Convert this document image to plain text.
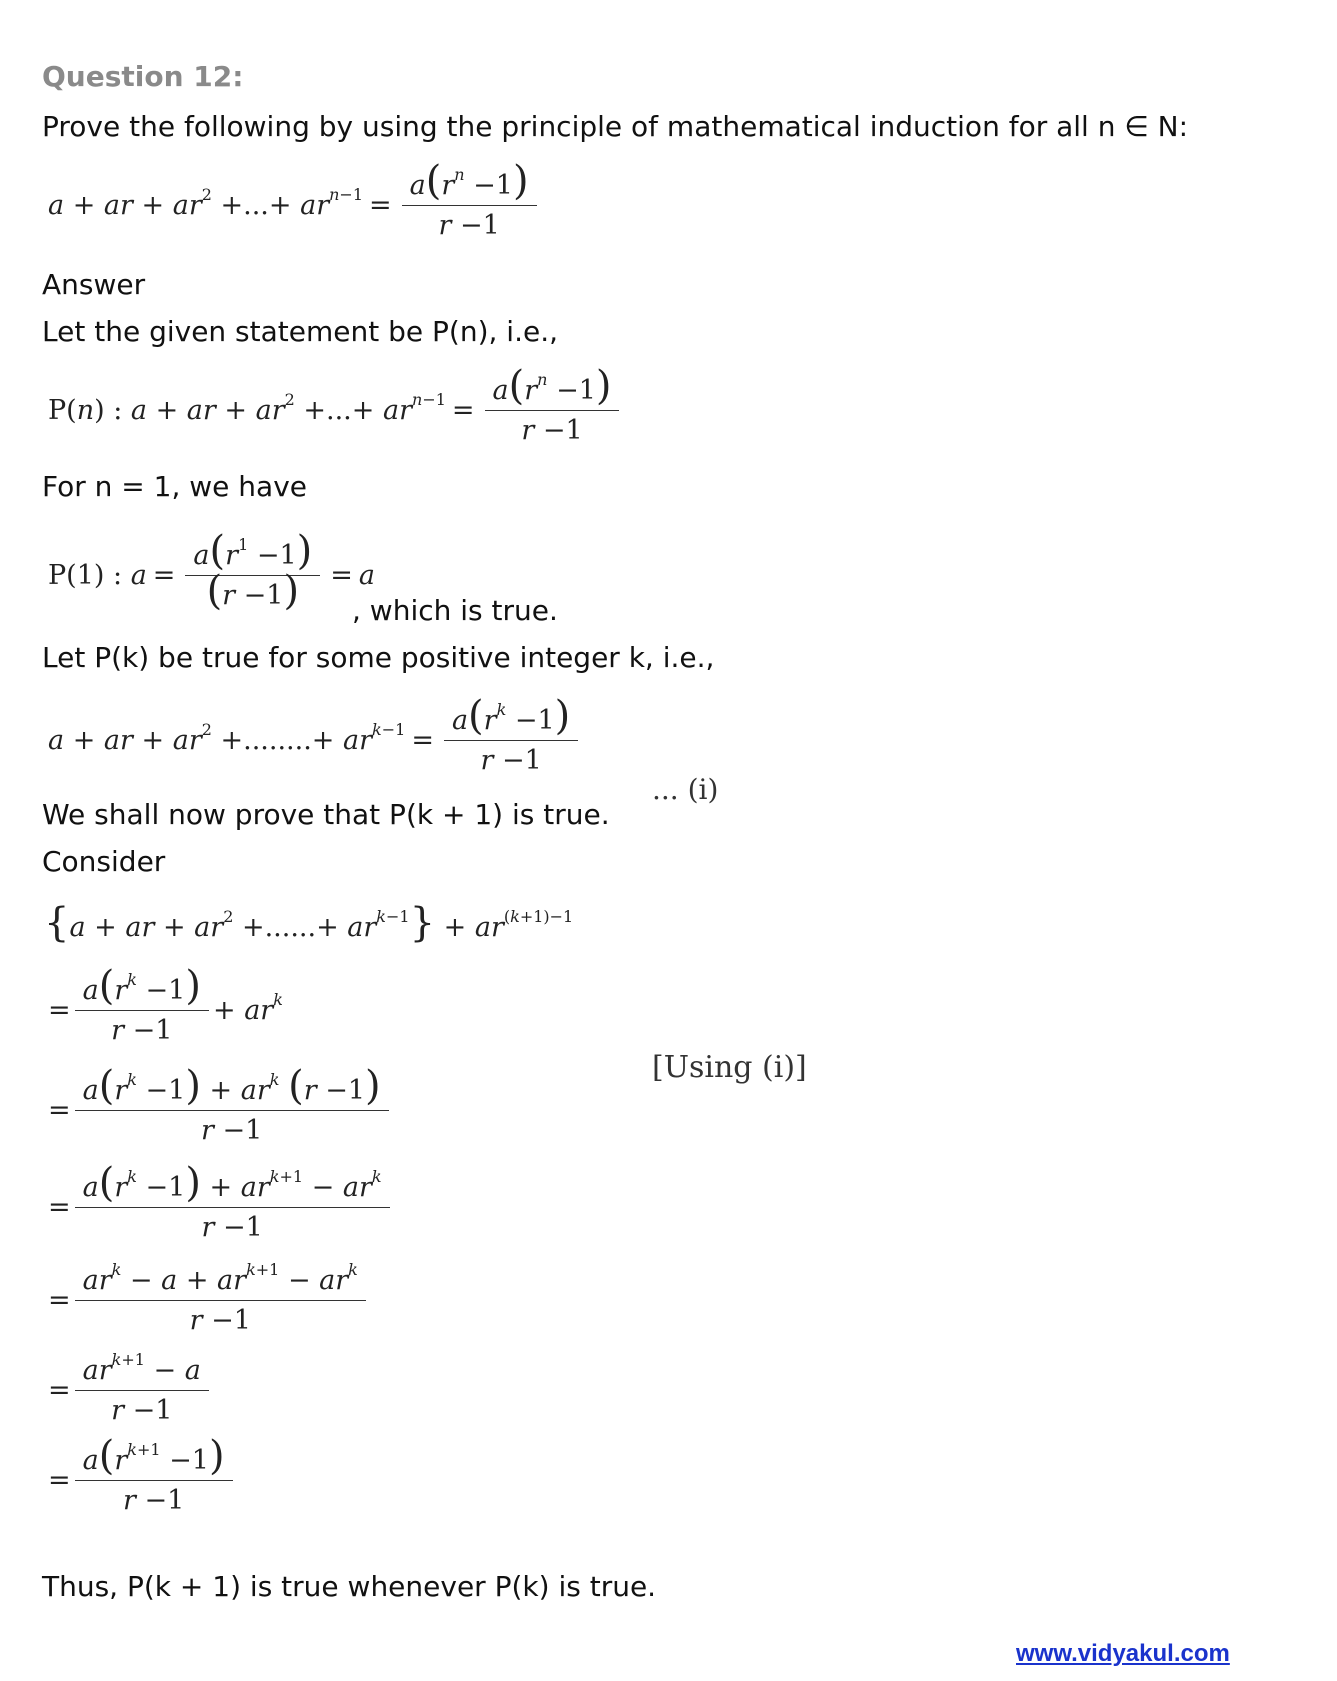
Question 12:
Prove the following by using the principle of mathematical induction for all n ∈ N:
a + ar + $ar^2$ +...+ $ar^{n-1} = \frac{a(r^n -1)}{r -1}$
Answer
Let the given statement be P(n), i.e.,
P(n) : a + ar + $ar^2$ +...+ $ar^{n-1} = \frac{a(r^n -1)}{r -1}$
For n = 1, we have
P(1) : $a = \frac{a(r^1 -1)}{(r -1)} = a$
, which is true.
Let P(k) be true for some positive integer k, i.e.,
a + ar + $ar^2$ +........+ $ar^{k-1} = \frac{a(r^k -1)}{r -1}$
... (i)
We shall now prove that P(k + 1) is true.
Consider
{a + ar + $ar^2$ +......+ $ar^{k-1}\} + ar^{(k+1)-1}$
= $\frac{a(r^k -1)}{r -1} + ar^k$
[Using (i)]
= $\frac{a(r^k -1) + ar^k (r -1)}{r -1}$
= $\frac{a(r^k -1) + ar^{k+1} - ar^k}{r -1}$
= $\frac{ar^k - a + ar^{k+1} - ar^k}{r -1}$
= $\frac{ar^{k+1} - a}{r -1}$
= $\frac{a(r^{k+1} -1)}{r -1}$
Thus, P(k + 1) is true whenever P(k) is true.
www.vidyakul.com
